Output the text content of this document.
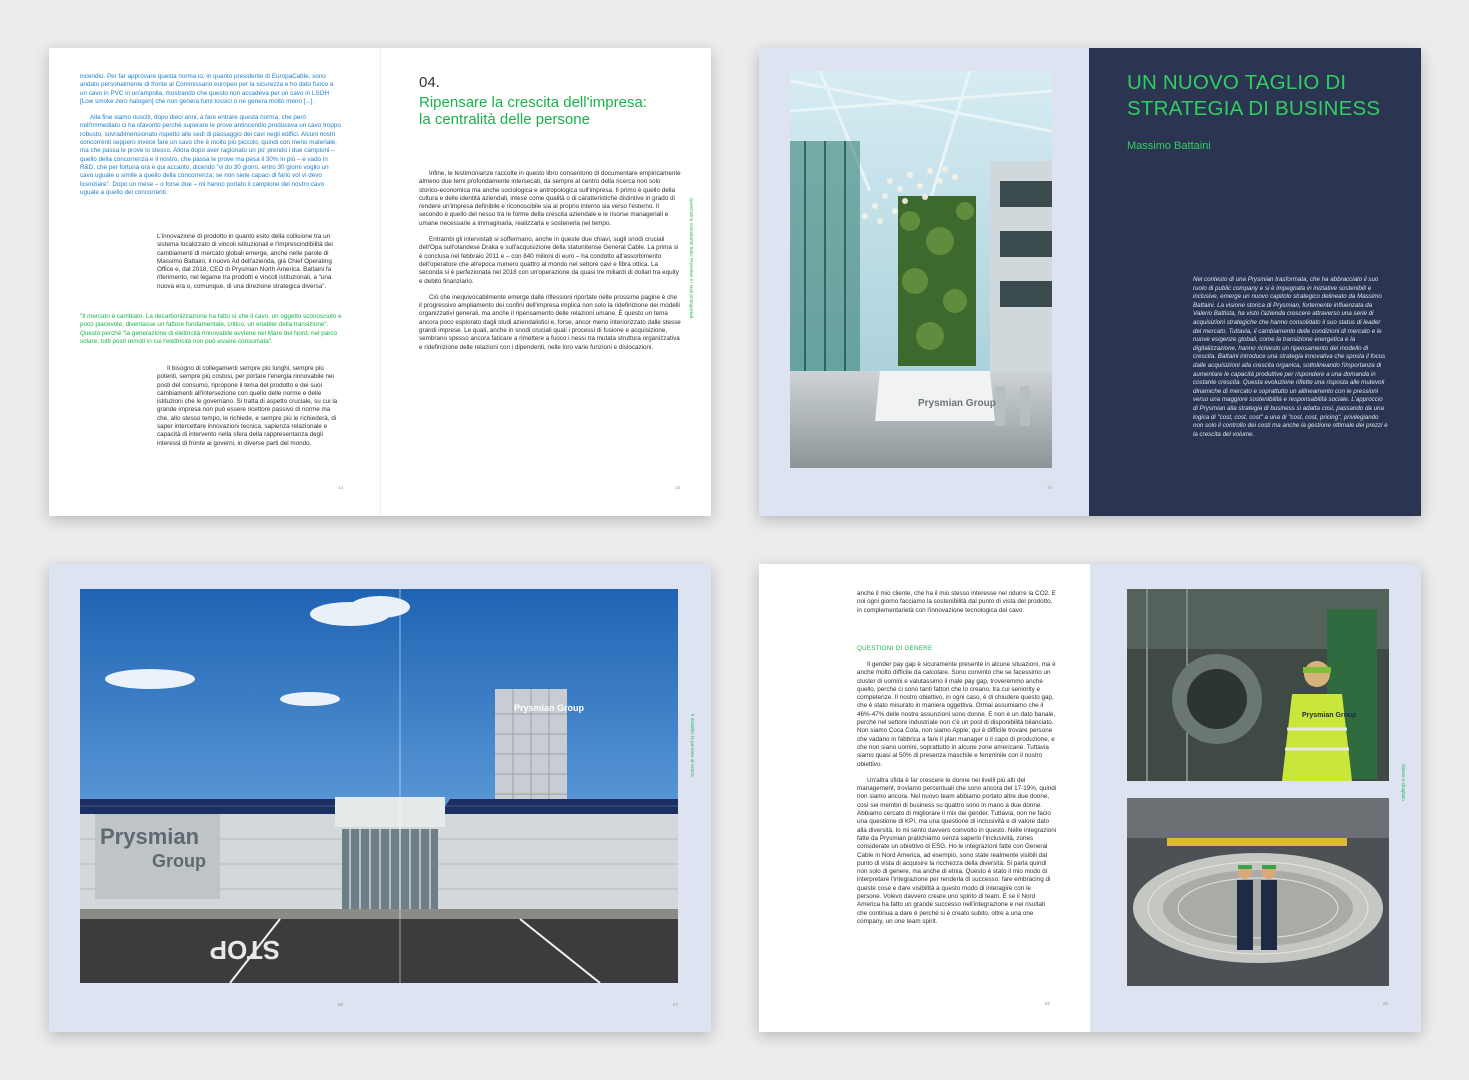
incendio. Per far approvare questa norma io, in quanto presidente di EuropaCable, sono andato personalmente di fronte al Commissario europeo per la sicurezza e ho dato fuoco a un cavo in PVC in un'ampolla, mostrando che questo non accadeva per un cavo in LSOH [Low smoke zero halogen] che non genera fumi tossici o ne genera molto meno [...].

Alla fine siamo riusciti, dopo dieci anni, a fare entrare questa norma, che però nell'immediato ci ha sfavorito perché superare le prove antincendio produceva un cavo troppo robusto, sovradimensionato rispetto alle sedi di passaggio dei cavi negli edifici. Alcuni nostri concorrenti seppero invece fare un cavo che è molto più piccolo, quindi con meno materiale, ma che passa le prove lo stesso. Allora dopo aver ragionato un po' prendo i due campioni – quello della concorrenza e il nostro, che passa le prove ma pesa il 30% in più – e vado in R&D, che per fortuna ora è qui accanto, dicendo "vi do 30 giorni, entro 30 giorni voglio un cavo uguale o simile a quello della concorrenza; se non siete capaci di farlo voi vi devo licenziare". Dopo un mese – o forse due – mi hanno portato il campione del nostro cavo uguale a quello dei concorrenti.

L'innovazione di prodotto in quanto esito della collisione tra un sistema localizzato di vincoli istituzionali e l'imprescindibilità dei cambiamenti di mercato globali emerge, anche nelle parole di Massimo Battaini, il nuovo Ad dell'azienda, già Chief Operating Office e, dal 2018, CEO di Prysmian North America. Battaini fa riferimento, nel legame tra prodotti e vincoli istituzionali, a "una nuova era o, comunque, di una direzione strategica diversa".

"Il mercato è cambiato. La decarbonizzazione ha fatto sì che il cavo, un oggetto sconosciuto e poco piacevole, diventasse un fattore fondamentale, critico, un enabler della transizione". Questo perché "la generazione di elettricità rinnovabile avviene nel Mare del Nord, nel parco solare, tutti posti remoti in cui l'elettricità non può essere consumata".

Il bisogno di collegamenti sempre più lunghi, sempre più potenti, sempre più costosi, per portare l'energia rinnovabile nei posti del consumo, ripropone il tema del prodotto e dei suoi cambiamenti all'intersezione con quello delle norme e delle istituzioni che le governano. Si tratta di aspetto cruciale, su cui la grande impresa non può essere ricettore passivo di norme ma che, allo stesso tempo, le richiede, e sempre più le richiederà, di saper intercettare innovazioni tecnica, sapienza relazionale e capacità di intervento nella sfera della rappresentanza degli interessi di fronte ai governi, in diverse parti del mondo.

14
04.
Ripensare la crescita dell'impresa: la centralità delle persone

Infine, le testimonianze raccolte in questo libro consentono di documentare empiricamente almeno due temi profondamente intersecati, da sempre al centro della ricerca non solo storico-economica ma anche sociologica e antropologica sull'impresa. Il primo è quello della cultura e delle identità aziendali, intese come qualità o di caratteristiche distintive in grado di rendere un'impresa definibile e riconoscibile sia al proprio interno sia verso l'esterno. Il secondo è quello del nesso tra le forme della crescita aziendale e le risorse manageriali e umane necessarie a immaginarla, realizzarla e sostenerla nel tempo.

Entrambi gli intervistati si soffermano, anche in queste due chiavi, sugli snodi cruciali dell'Opa sull'olandese Draka e sull'acquisizione della statunitense General Cable. La prima si è conclusa nel febbraio 2011 e – con 840 milioni di euro – ha condotto all'assorbimento dell'operatore che all'epoca numero quattro al mondo nel settore cavi e fibra ottica. La seconda si è perfezionata nel 2018 con un'operazione da quasi tre miliardi di dollari tra equity e debito finanziario.

Ciò che inequivocabilmente emerge dalle riflessioni riportate nelle prossime pagine è che il progressivo ampliamento dei confini dell'impresa implica non solo la ridefinizione dei modelli organizzativi generali, ma anche il ripensamento delle relazioni umane. È questo un tema ancora poco esplorato dagli studi aziendalistici e, forse, ancor meno interiorizzato dalle stesse grandi imprese. Le quali, anche in snodi cruciali quali i processi di fusione e acquisizione, sembrano spesso ancora faticare a rimettere a fuoco i nessi tra mutata struttura organizzativa e ridefinizione delle relazioni con i dipendenti, nelle loro varie funzioni e dislocazioni.

Quest'anno nonostante tutto: Prysmian e i suoi protagonisti
15
Prysmian Group
74
UN NUOVO TAGLIO DI STRATEGIA DI BUSINESS
Massimo Battaini
Nel contesto di una Prysmian trasformata, che ha abbracciato il suo ruolo di public company e si è impegnata in iniziative sostenibili e inclusive, emerge un nuovo capitolo strategico delineato da Massimo Battaini. La visione storica di Prysmian, fortemente influenzata da Valerio Battista, ha visto l'azienda crescere attraverso una serie di acquisizioni strategiche che hanno consolidato il suo status di leader del mercato. Tuttavia, il cambiamento delle condizioni di mercato e le nuove esigenze globali, come la transizione energetica e la digitalizzazione, hanno richiesto un ripensamento del modello di crescita. Battaini introduce una strategia innovativa che sposta il focus dalle acquisizioni alla crescita organica, sottolineando l'importanza di aumentare le capacità produttive per rispondere a una domanda in costante crescita. Questa evoluzione riflette una risposta alle mutevoli dinamiche di mercato e soprattutto un allineamento con le pressioni verso una maggiore sostenibilità e responsabilità sociale. L'approccio di Prysmian alla strategia di business si adatta così, passando da una logica di "cost, cost, cost" a una di "cost, cost, pricing", privilegiando non solo il controllo dei costi ma anche la gestione ottimale dei prezzi e la crescita del volume.
Prysmian Group
Prysmian
Group
STOP
Il modello: le persone al centro
56	57
anche il mio cliente, che ha il mio stesso interesse nel ridurre la CO2. E noi ogni giorno facciamo la sostenibilità dal punto di vista del prodotto, in complementarietà con l'innovazione tecnologica del cavo.
QUESTIONI DI GENERE

Il gender pay gap è sicuramente presente in alcune situazioni, ma è anche molto difficile da calcolare. Sono convinto che se facessimo un cluster di uomini e valutassimo il male pay gap, troveremmo anche quello, perché ci sono tanti fattori che lo creano, tra cui seniority e competenze. Il nostro obiettivo, in ogni caso, è di chiudere questo gap, che è stato misurato in maniera oggettiva. Ormai assumiamo che il 46%-47% delle nostre assunzioni sono donne. E non è un dato banale, perché nel settore industriale non c'è un pool di disponibilità bilanciato. Non siamo Coca Cola, non siamo Apple: qui è difficile trovare persone che vadano in fabbrica a fare il plan manager o il capo di produzione, e che non siano uomini, soprattutto in alcune zone americane. Tuttavia siamo quasi al 50% di presenza maschile e femminile con il nostro obiettivo.

Un'altra sfida è far crescere le donne nei livelli più alti del management, troviamo percentuali che sono ancora del 17-19%, quindi non siamo ancora. Nel nuovo team abbiamo portato altre due donne, così sei membri di business su quattro sono in mano a due donne. Abbiamo cercato di migliorare il mix dei gender. Tuttavia, non ne facio una questione di KPI, ma una questione di inclusività e di valore dato alla diversità. Io mi sento davvero coinvolto in questo. Nelle integrazioni fatte da Prysmian pratichiamo senza saperlo l'inclusività, zones considerate un obiettivo di ESG. Ho le integrazioni fatte con General Cable in Nord America, ad esempio, sono state realmente visibili dal punto di vista di acquisire la ricchezza della diversità. Si parla quindi non solo di genere, ma anche di etnia. Questo è stato il mio modo di interpretare l'integrazione per renderla di successo: fare embracing di queste cose e dare visibilità a questo modo di interagire con le persone. Volevo davvero creare uno spirito di team. E se il Nord America ha fatto un grande successo nell'integrazione e nei risultati che continua a dare è perché si è creato subito, oltre a una one company, un one team spirit.

62
Prysmian Group
Giusto o sbagliato
63
